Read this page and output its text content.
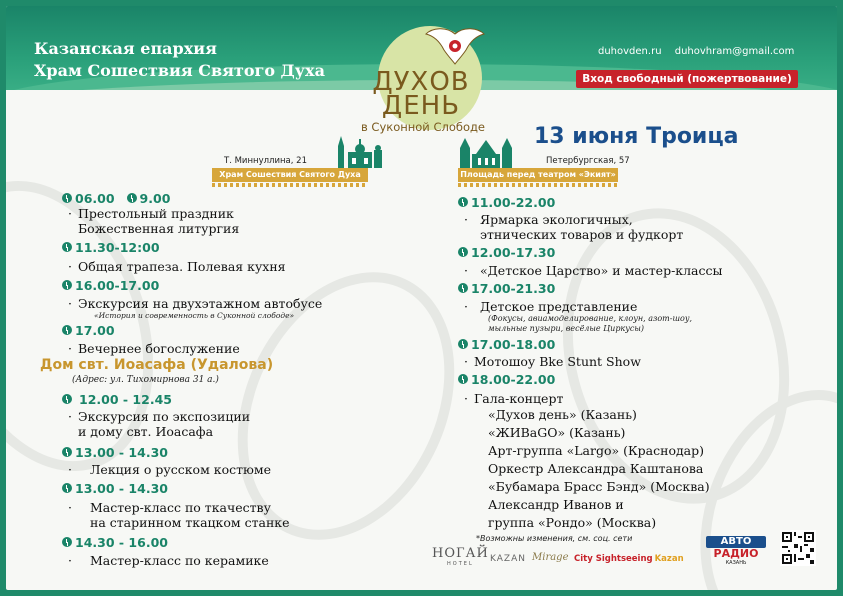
Казанская епархия
Храм Сошествия Святого Духа
duhovden.ru duhovhram@gmail.com
Вход свободный (пожертвование)
ДУХОВ
ДЕНЬ
в Суконной Слободе	13 июня Троица
Т. Миннуллина, 21
Храм Сошествия Святого Духа
Петербургская, 57
Площадь перед театром «Экият»
06.00 9.00
· Престольный праздник
Божественная литургия
11.30-12:00
· Общая трапеза. Полевая кухня
16.00-17.00
· Экскурсия на двухэтажном автобусе
«История и современность в Суконной слободе»
17.00
· Вечернее богослужение
Дом свт. Иоасафа (Удалова)
(Адрес: ул. Тихомирнова 31 а.)
12.00 - 12.45
· Экскурсия по экспозиции
и дому свт. Иоасафа
13.00 - 14.30
· Лекция о русском костюме
13.00 - 14.30
· Мастер-класс по ткачеству
на старинном ткацком станке
14.30 - 16.00
· Мастер-класс по керамике
11.00-22.00
· Ярмарка экологичных,
этнических товаров и фудкорт
12.00-17.30
· «Детское Царство» и мастер-классы
17.00-21.30
· Детское представление
(Фокусы, авиамоделирование, клоун, азот-шоу,
мыльные пузыри, весёлые Циркусы)
17.00-18.00
· Мотошоу Bke Stunt Show
18.00-22.00
· Гала-концерт
«Духов день» (Казань)
«ЖИВаGO» (Казань)
Арт-группа «Largo» (Краснодар)
Оркестр Александра Каштанова
«Бубамара Брасс Бэнд» (Москва)
Александр Иванов и
группа «Рондо» (Москва)
*Возможны изменения, см. соц. сети
НОГАЙ
HOTEL	KAZAN Mirage City Sightseeing Kazan
АВТО
РАДИО
КАЗАНЬ
